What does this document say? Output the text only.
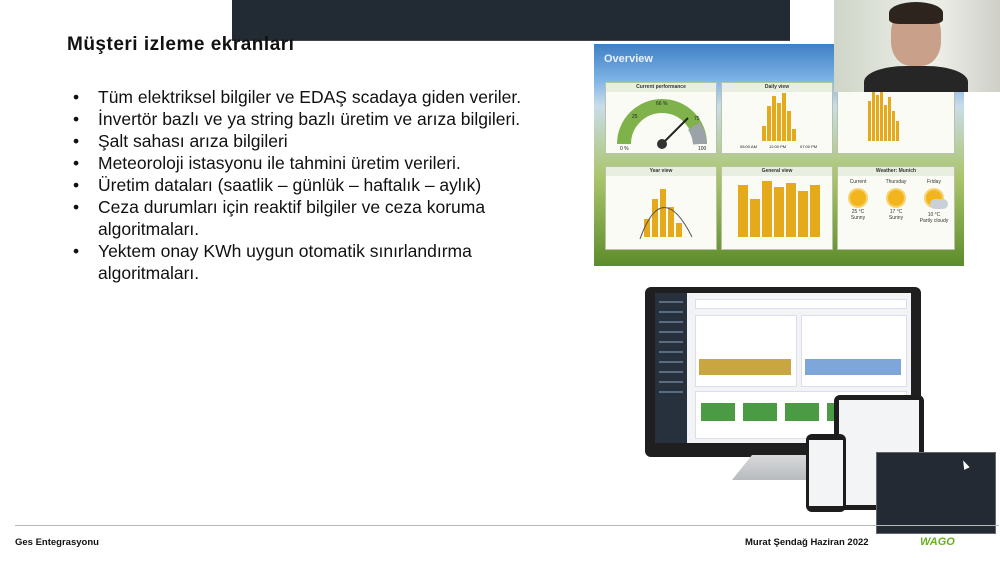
Müşteri izleme ekranları
• Tüm elektriksel bilgiler ve EDAŞ scadaya giden veriler.
• İnvertör bazlı ve ya string bazlı üretim ve arıza bilgileri.
• Şalt sahası arıza bilgileri
• Meteoroloji istasyonu ile tahmini üretim verileri.
• Üretim dataları (saatlik – günlük – haftalık – aylık)
• Ceza durumları için reaktif bilgiler ve ceza koruma algoritmaları.
• Yektem onay KWh uygun otomatik sınırlandırma algoritmaları.
Overview
Current performance
0 %
25
66 %
75
100
Daily view
05:00 AM	12:00 PM	07:00 PM
Year view	General view	Weather: Munich
Current
25 °C
Sunny
Thursday
17 °C
Sunny
Friday
10 °C
Partly cloudy
Ges Entegrasyonu	Murat Şendağ Haziran 2022	WAGO
